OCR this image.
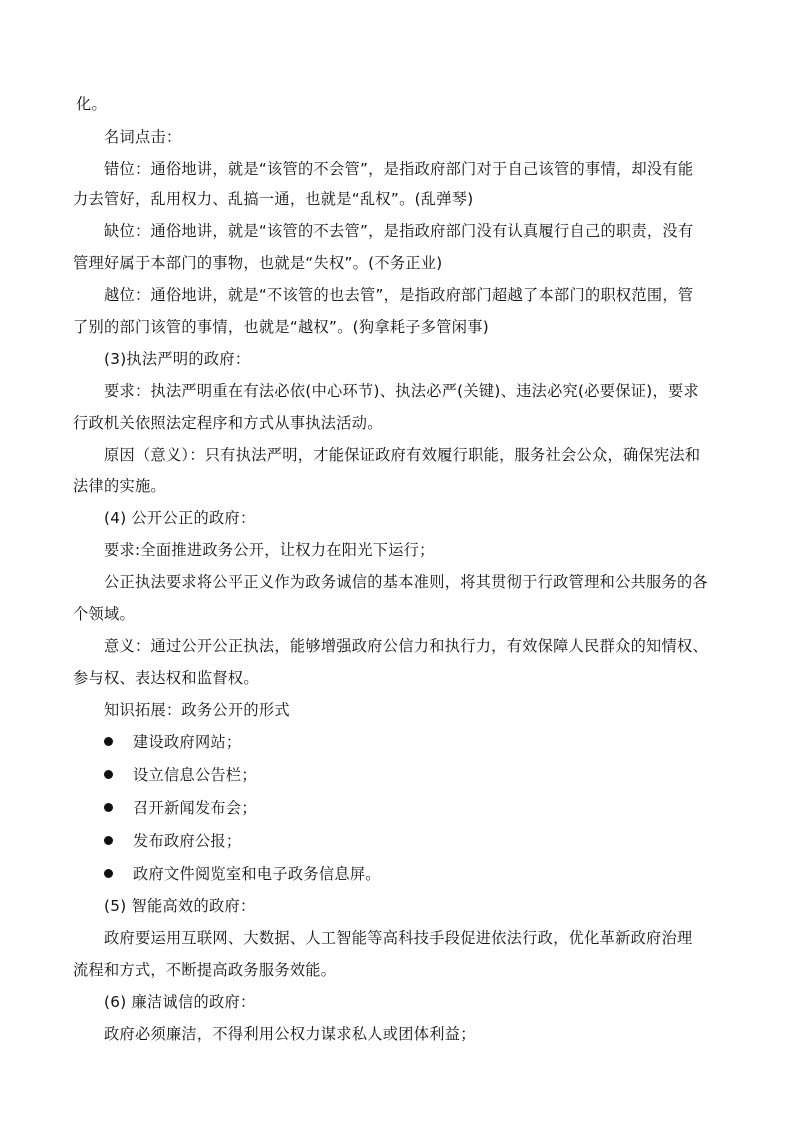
化。
名词点击：
错位：通俗地讲，就是“该管的不会管”，是指政府部门对于自己该管的事情，却没有能
力去管好，乱用权力、乱搞一通，也就是“乱权”。(乱弹琴)
缺位：通俗地讲，就是“该管的不去管”，是指政府部门没有认真履行自己的职责，没有
管理好属于本部门的事物，也就是“失权”。(不务正业)
越位：通俗地讲，就是“不该管的也去管”，是指政府部门超越了本部门的职权范围，管
了别的部门该管的事情，也就是“越权”。(狗拿耗子多管闲事)
(3)执法严明的政府：
要求：执法严明重在有法必依(中心环节)、执法必严(关键)、违法必究(必要保证)，要求
行政机关依照法定程序和方式从事执法活动。
原因（意义）：只有执法严明，才能保证政府有效履行职能，服务社会公众，确保宪法和
法律的实施。
(4) 公开公正的政府：
要求:全面推进政务公开，让权力在阳光下运行；
公正执法要求将公平正义作为政务诚信的基本准则，将其贯彻于行政管理和公共服务的各
个领域。
意义：通过公开公正执法，能够增强政府公信力和执行力，有效保障人民群众的知情权、
参与权、表达权和监督权。
知识拓展：政务公开的形式
建设政府网站；
设立信息公告栏；
召开新闻发布会；
发布政府公报；
政府文件阅览室和电子政务信息屏。
(5) 智能高效的政府：
政府要运用互联网、大数据、人工智能等高科技手段促进依法行政，优化革新政府治理
流程和方式，不断提高政务服务效能。
(6) 廉洁诚信的政府：
政府必须廉洁，不得利用公权力谋求私人或团体利益；
